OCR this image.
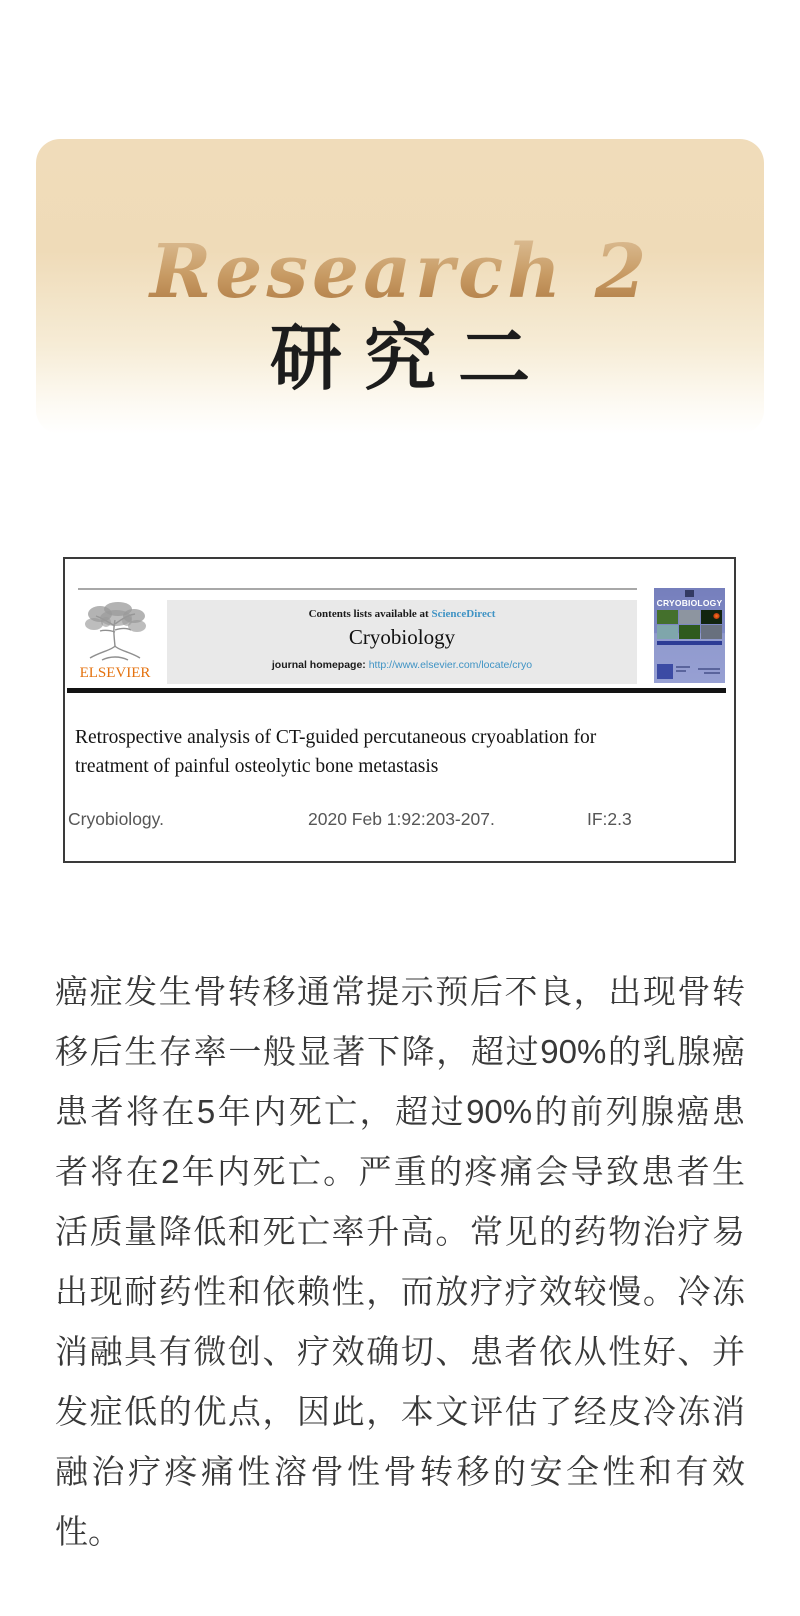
Research 2
研究二
ELSEVIER
Contents lists available at ScienceDirect
Cryobiology
journal homepage: http://www.elsevier.com/locate/cryo
CRYOBIOLOGY
Retrospective analysis of CT-guided percutaneous cryoablation for
treatment of painful osteolytic bone metastasis
Cryobiology.	2020 Feb 1:92:203-207.	IF:2.3
癌症发生骨转移通常提示预后不良，出现骨转
移后生存率一般显著下降，超过90%的乳腺癌
患者将在5年内死亡，超过90%的前列腺癌患
者将在2年内死亡。严重的疼痛会导致患者生
活质量降低和死亡率升高。常见的药物治疗易
出现耐药性和依赖性，而放疗疗效较慢。冷冻
消融具有微创、疗效确切、患者依从性好、并
发症低的优点，因此，本文评估了经皮冷冻消
融治疗疼痛性溶骨性骨转移的安全性和有效
性。
